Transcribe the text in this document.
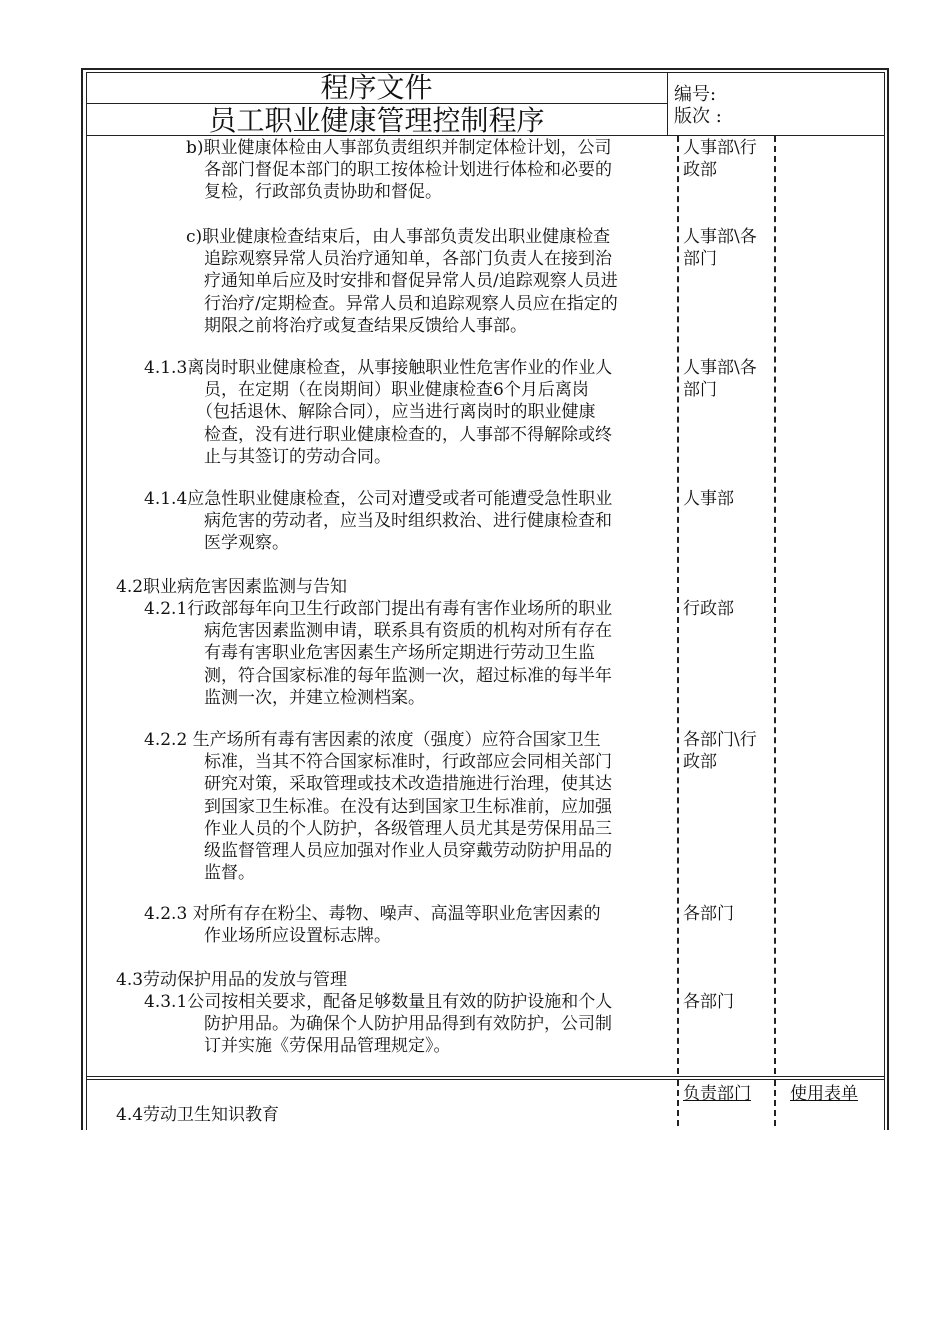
程序文件
员工职业健康管理控制程序
编号:
版次 :
b)职业健康体检由人事部负责组织并制定体检计划，公司
各部门督促本部门的职工按体检计划进行体检和必要的
复检，行政部负责协助和督促。
人事部\行
政部
c)职业健康检查结束后，由人事部负责发出职业健康检查
追踪观察异常人员治疗通知单，各部门负责人在接到治
疗通知单后应及时安排和督促异常人员/追踪观察人员进
行治疗/定期检查。异常人员和追踪观察人员应在指定的
期限之前将治疗或复查结果反馈给人事部。
人事部\各
部门
4.1.3离岗时职业健康检查，从事接触职业性危害作业的作业人
员，在定期（在岗期间）职业健康检查6个月后离岗
（包括退休、解除合同），应当进行离岗时的职业健康
检查，没有进行职业健康检查的，人事部不得解除或终
止与其签订的劳动合同。
人事部\各
部门
4.1.4应急性职业健康检查，公司对遭受或者可能遭受急性职业
病危害的劳动者，应当及时组织救治、进行健康检查和
医学观察。
人事部
4.2职业病危害因素监测与告知
4.2.1行政部每年向卫生行政部门提出有毒有害作业场所的职业
病危害因素监测申请，联系具有资质的机构对所有存在
有毒有害职业危害因素生产场所定期进行劳动卫生监
测，符合国家标准的每年监测一次，超过标准的每半年
监测一次，并建立检测档案。
行政部
4.2.2 生产场所有毒有害因素的浓度（强度）应符合国家卫生
标准，当其不符合国家标准时，行政部应会同相关部门
研究对策，采取管理或技术改造措施进行治理，使其达
到国家卫生标准。在没有达到国家卫生标准前，应加强
作业人员的个人防护，各级管理人员尤其是劳保用品三
级监督管理人员应加强对作业人员穿戴劳动防护用品的
监督。
各部门\行
政部
4.2.3 对所有存在粉尘、毒物、噪声、高温等职业危害因素的
作业场所应设置标志牌。
各部门
4.3劳动保护用品的发放与管理
4.3.1公司按相关要求，配备足够数量且有效的防护设施和个人
防护用品。为确保个人防护用品得到有效防护，公司制
订并实施《劳保用品管理规定》。
各部门
负责部门 使用表单
4.4劳动卫生知识教育
